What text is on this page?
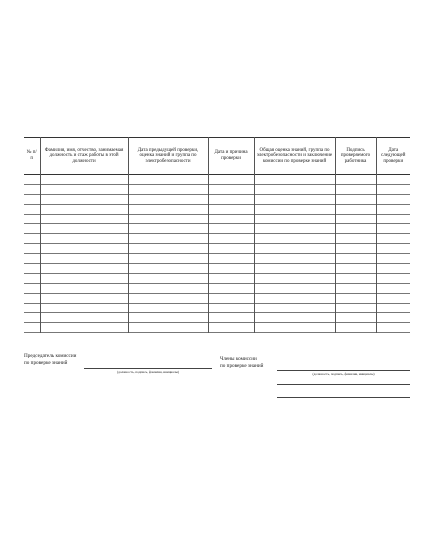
№ п/п	Фамилия, имя, отчество, занимаемая должность и стаж работы в этой должности	Дата предыдущей проверки, оценка знаний и группа по электробезопасности	Дата и причина проверки	Общая оценка знаний, группа по электробезопасности и заключение комиссии по проверке знаний	Подпись проверяемого работника	Дата следующей проверки

Председатель комиссии
по проверке знаний
(должность, подпись, фамилия, инициалы)
Члены комиссии
по проверке знаний
(должность, подпись, фамилия, инициалы)
